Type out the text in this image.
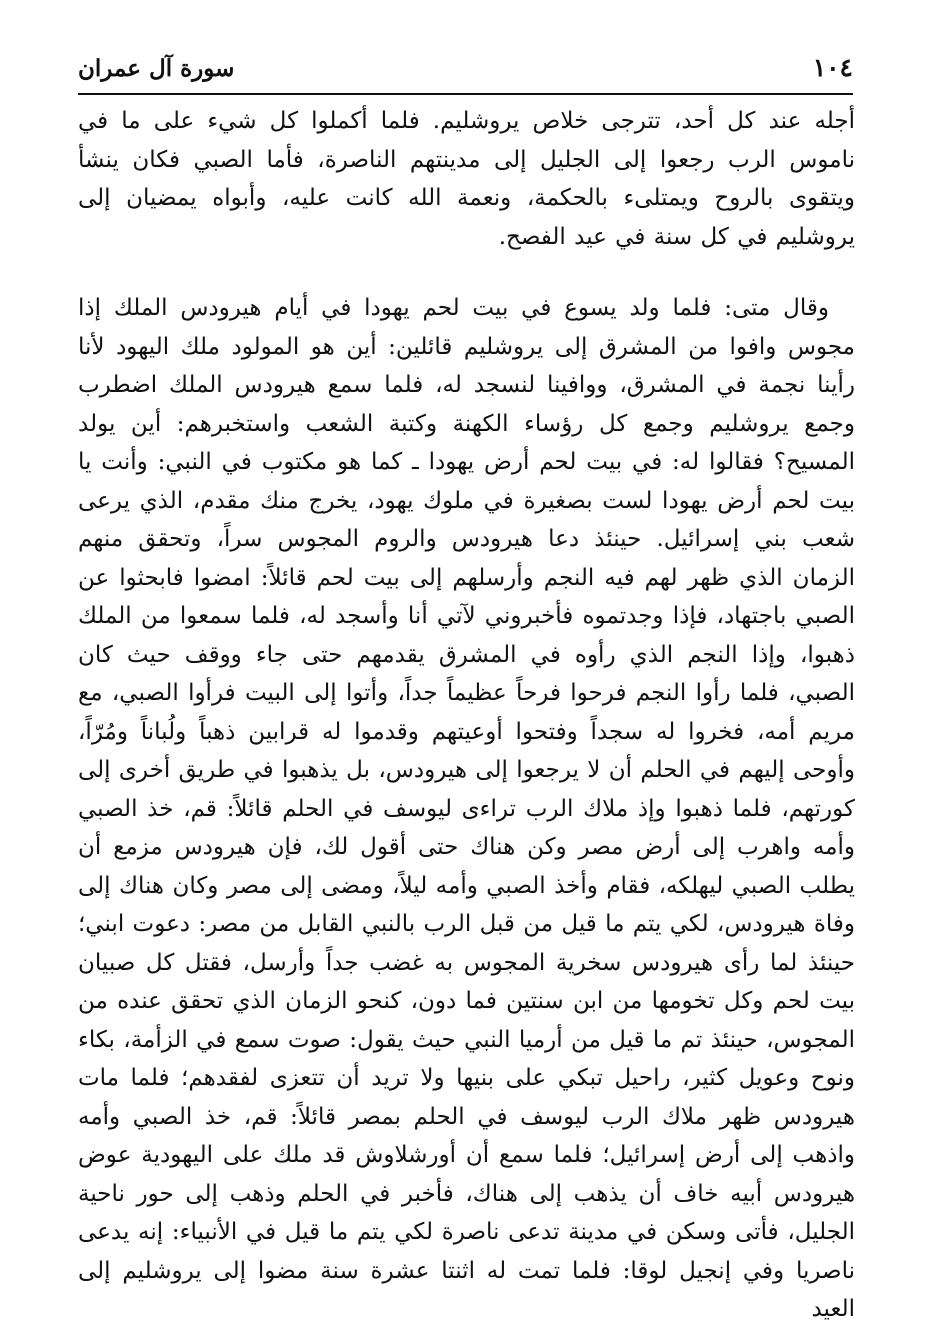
١٠٤
سورة آل عمران

أجله عند كل أحد، تترجى خلاص يروشليم. فلما أكملوا كل شيء على ما في ناموس الرب رجعوا إلى الجليل إلى مدينتهم الناصرة، فأما الصبي فكان ينشأ ويتقوى بالروح ويمتلىء بالحكمة، ونعمة الله كانت عليه، وأبواه يمضيان إلى يروشليم في كل سنة في عيد الفصح.

وقال متى: فلما ولد يسوع في بيت لحم يهودا في أيام هيرودس الملك إذا مجوس وافوا من المشرق إلى يروشليم قائلين: أين هو المولود ملك اليهود لأنا رأينا نجمة في المشرق، ووافينا لنسجد له، فلما سمع هيرودس الملك اضطرب وجمع يروشليم وجمع كل رؤساء الكهنة وكتبة الشعب واستخبرهم: أين يولد المسيح؟ فقالوا له: في بيت لحم أرض يهودا ـ كما هو مكتوب في النبي: وأنت يا بيت لحم أرض يهودا لست بصغيرة في ملوك يهود، يخرج منك مقدم، الذي يرعى شعب بني إسرائيل. حينئذ دعا هيرودس والروم المجوس سراً، وتحقق منهم الزمان الذي ظهر لهم فيه النجم وأرسلهم إلى بيت لحم قائلاً: امضوا فابحثوا عن الصبي باجتهاد، فإذا وجدتموه فأخبروني لآتي أنا وأسجد له، فلما سمعوا من الملك ذهبوا، وإذا النجم الذي رأوه في المشرق يقدمهم حتى جاء ووقف حيث كان الصبي، فلما رأوا النجم فرحوا فرحاً عظيماً جداً، وأتوا إلى البيت فرأوا الصبي، مع مريم أمه، فخروا له سجداً وفتحوا أوعيتهم وقدموا له قرابين ذهباً ولُباناً ومُرّاً، وأوحى إليهم في الحلم أن لا يرجعوا إلى هيرودس، بل يذهبوا في طريق أخرى إلى كورتهم، فلما ذهبوا وإذ ملاك الرب تراءى ليوسف في الحلم قائلاً: قم، خذ الصبي وأمه واهرب إلى أرض مصر وكن هناك حتى أقول لك، فإن هيرودس مزمع أن يطلب الصبي ليهلكه، فقام وأخذ الصبي وأمه ليلاً، ومضى إلى مصر وكان هناك إلى وفاة هيرودس، لكي يتم ما قيل من قبل الرب بالنبي القابل من مصر: دعوت ابني؛ حينئذ لما رأى هيرودس سخرية المجوس به غضب جداً وأرسل، فقتل كل صبيان بيت لحم وكل تخومها من ابن سنتين فما دون، كنحو الزمان الذي تحقق عنده من المجوس، حينئذ تم ما قيل من أرميا النبي حيث يقول: صوت سمع في الزأمة، بكاء ونوح وعويل كثير، راحيل تبكي على بنيها ولا تريد أن تتعزى لفقدهم؛ فلما مات هيرودس ظهر ملاك الرب ليوسف في الحلم بمصر قائلاً: قم، خذ الصبي وأمه واذهب إلى أرض إسرائيل؛ فلما سمع أن أورشلاوش قد ملك على اليهودية عوض هيرودس أبيه خاف أن يذهب إلى هناك، فأخبر في الحلم وذهب إلى حور ناحية الجليل، فأتى وسكن في مدينة تدعى ناصرة لكي يتم ما قيل في الأنبياء: إنه يدعى ناصريا وفي إنجيل لوقا: فلما تمت له اثنتا عشرة سنة مضوا إلى يروشليم إلى العيد
